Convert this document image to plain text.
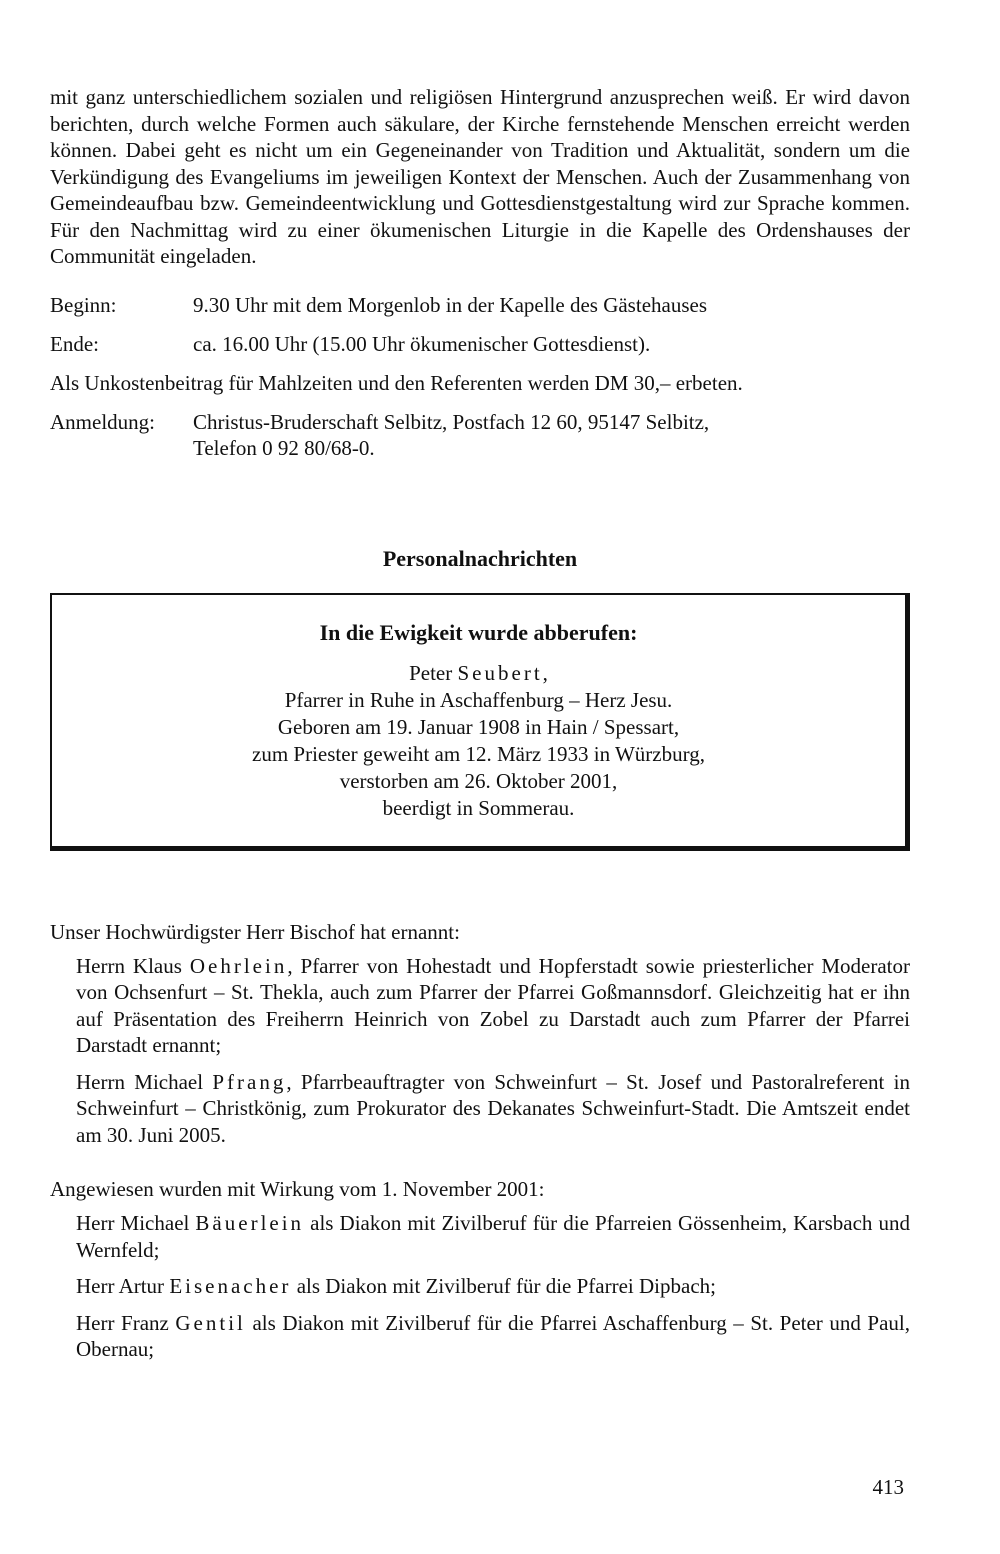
mit ganz unterschiedlichem sozialen und religiösen Hintergrund anzusprechen weiß. Er wird davon berichten, durch welche Formen auch säkulare, der Kirche fernstehende Menschen erreicht werden können. Dabei geht es nicht um ein Gegeneinander von Tradition und Aktualität, sondern um die Verkündigung des Evangeliums im jeweiligen Kontext der Menschen. Auch der Zusammenhang von Gemeindeaufbau bzw. Gemeindeentwicklung und Gottesdienstgestaltung wird zur Sprache kommen. Für den Nachmittag wird zu einer ökumenischen Liturgie in die Kapelle des Ordenshauses der Communität eingeladen.

Beginn:	9.30 Uhr mit dem Morgenlob in der Kapelle des Gästehauses
Ende:	ca. 16.00 Uhr (15.00 Uhr ökumenischer Gottesdienst).

Als Unkostenbeitrag für Mahlzeiten und den Referenten werden DM 30,– erbeten.

Anmeldung:	Christus-Bruderschaft Selbitz, Postfach 12 60, 95147 Selbitz,
Telefon 0 92 80/68-0.
Personalnachrichten

In die Ewigkeit wurde abberufen:

Peter Seubert,

Pfarrer in Ruhe in Aschaffenburg – Herz Jesu.

Geboren am 19. Januar 1908 in Hain / Spessart,

zum Priester geweiht am 12. März 1933 in Würzburg,

verstorben am 26. Oktober 2001,

beerdigt in Sommerau.

Unser Hochwürdigster Herr Bischof hat ernannt:

Herrn Klaus Oehrlein, Pfarrer von Hohestadt und Hopferstadt sowie priesterlicher Moderator von Ochsenfurt – St. Thekla, auch zum Pfarrer der Pfarrei Goßmannsdorf. Gleichzeitig hat er ihn auf Präsentation des Freiherrn Heinrich von Zobel zu Darstadt auch zum Pfarrer der Pfarrei Darstadt ernannt;

Herrn Michael Pfrang, Pfarrbeauftragter von Schweinfurt – St. Josef und Pastoralreferent in Schweinfurt – Christkönig, zum Prokurator des Dekanates Schweinfurt-Stadt. Die Amtszeit endet am 30. Juni 2005.

Angewiesen wurden mit Wirkung vom 1. November 2001:

Herr Michael Bäuerlein als Diakon mit Zivilberuf für die Pfarreien Gössenheim, Karsbach und Wernfeld;

Herr Artur Eisenacher als Diakon mit Zivilberuf für die Pfarrei Dipbach;

Herr Franz Gentil als Diakon mit Zivilberuf für die Pfarrei Aschaffenburg – St. Peter und Paul, Obernau;

413
